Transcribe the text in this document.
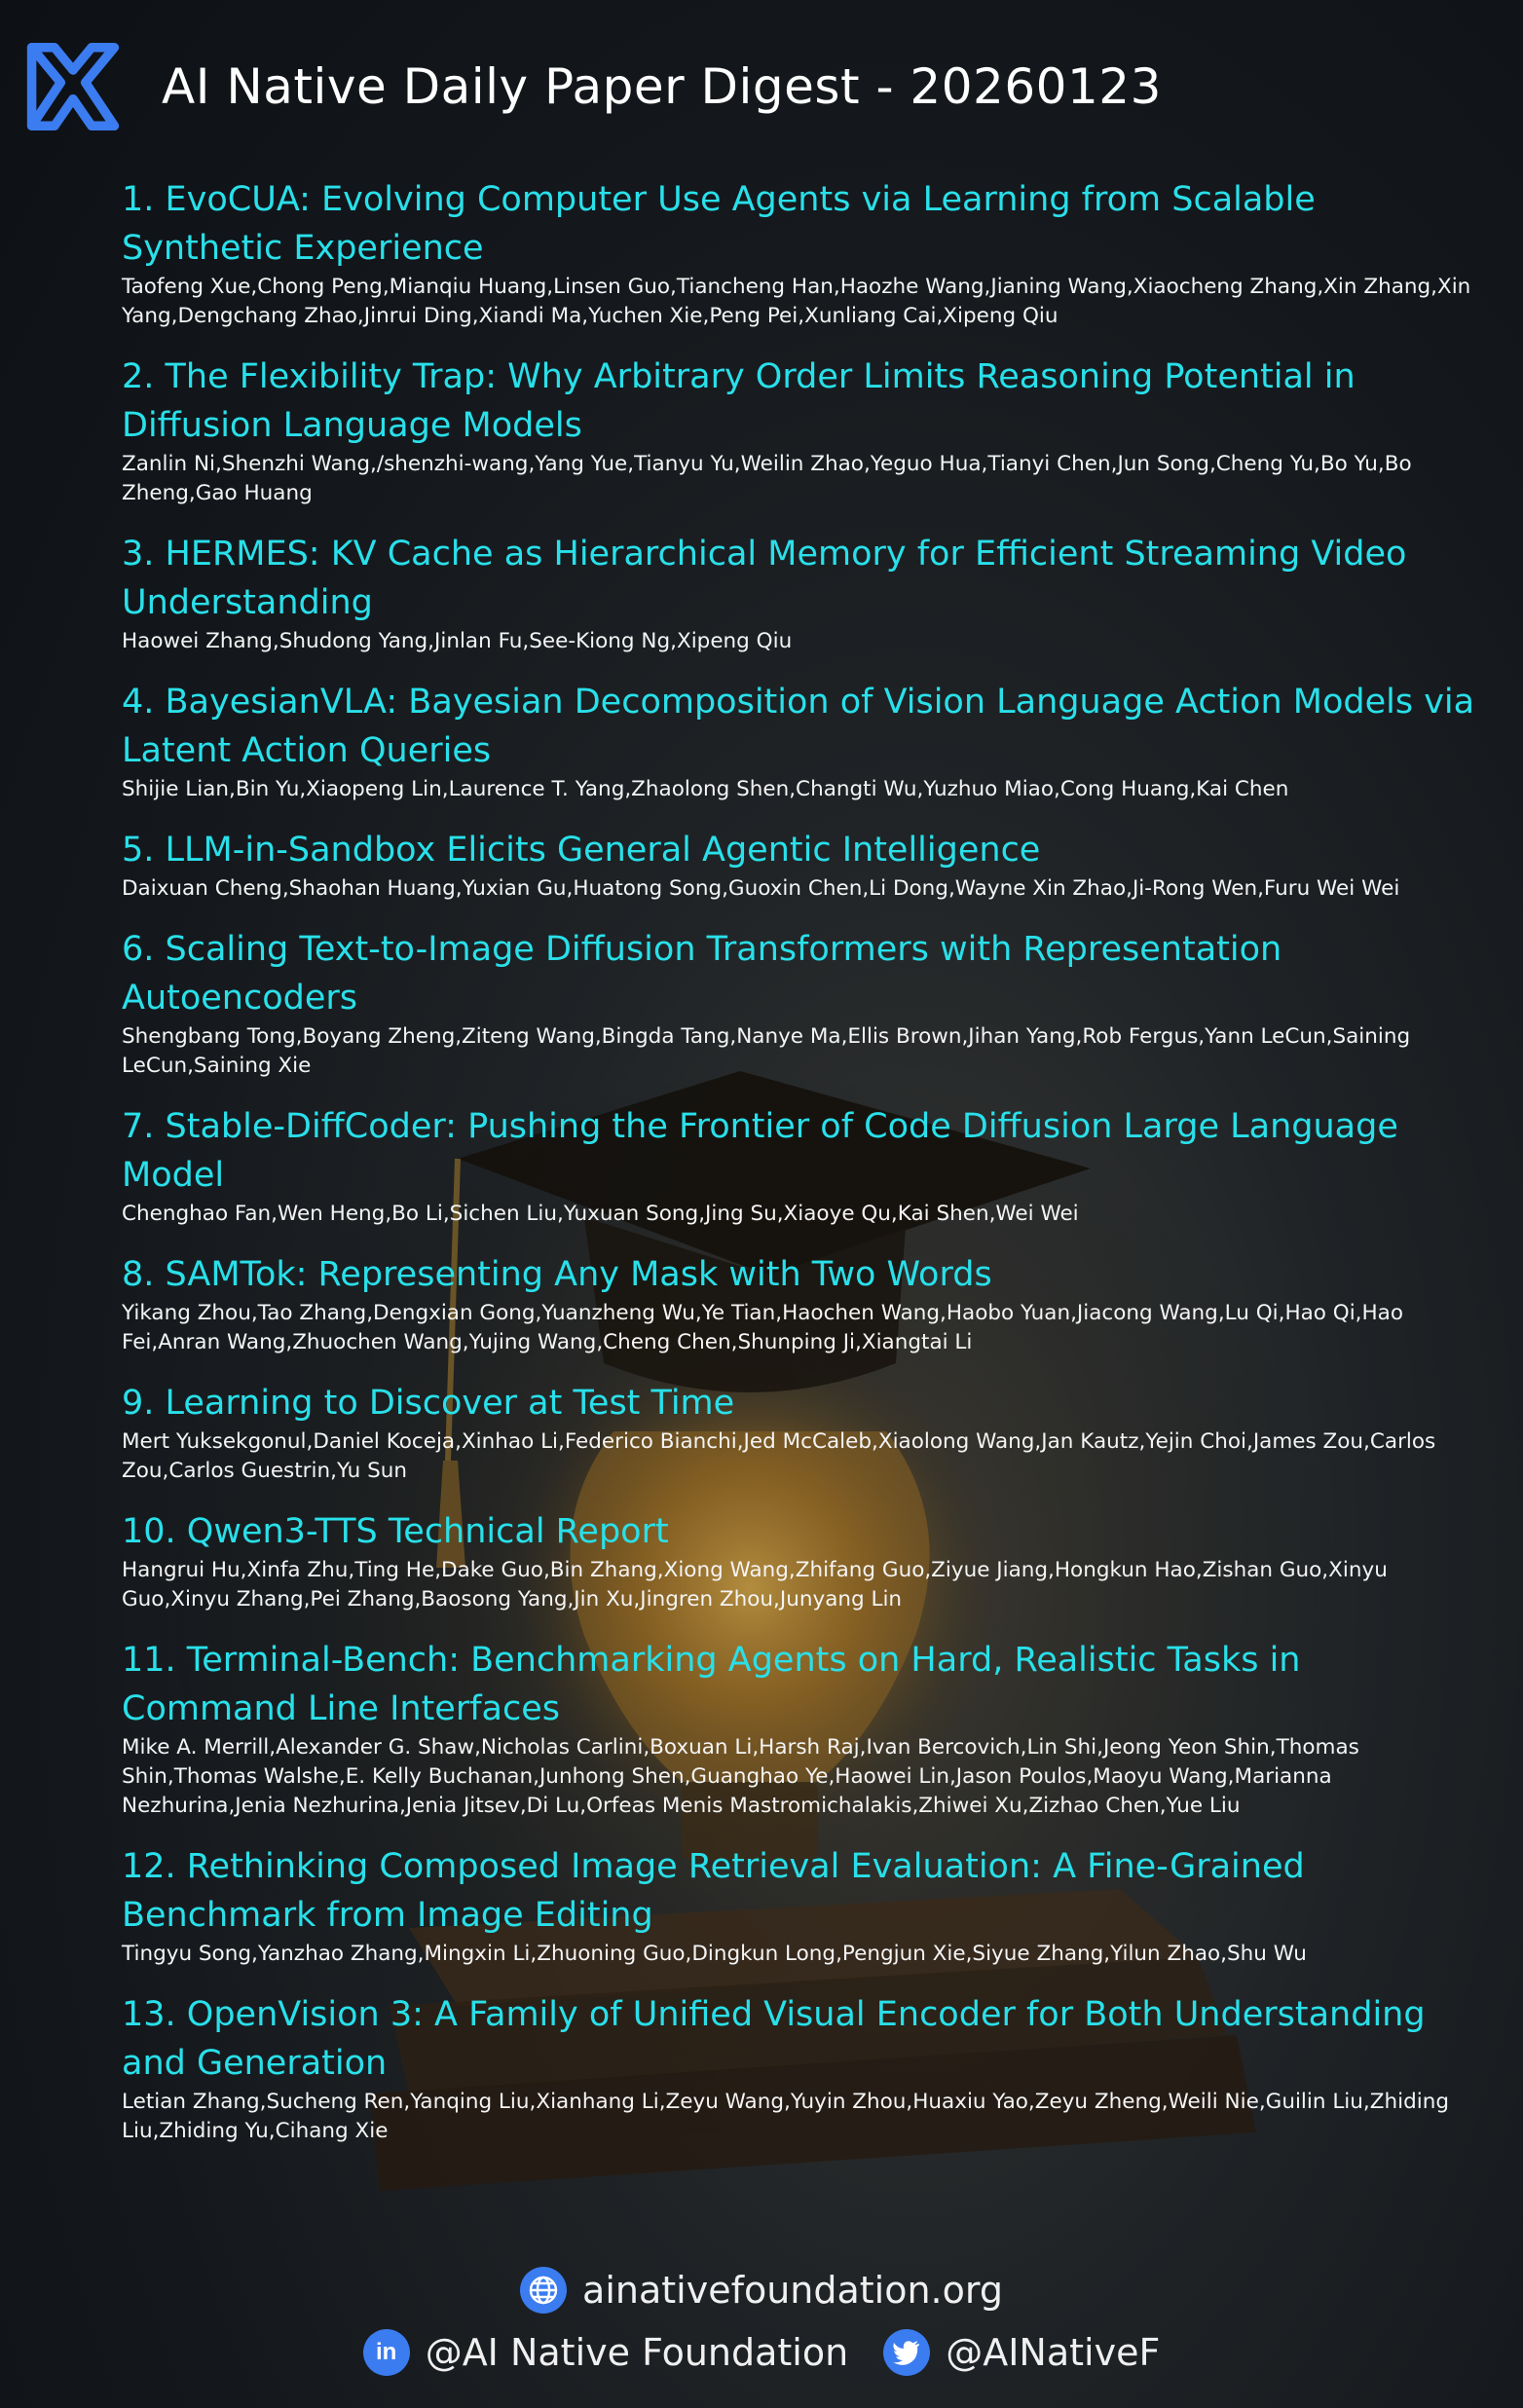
AI Native Daily Paper Digest - 20260123

1. EvoCUA: Evolving Computer Use Agents via Learning from Scalable Synthetic Experience

Taofeng Xue,Chong Peng,Mianqiu Huang,Linsen Guo,Tiancheng Han,Haozhe Wang,Jianing Wang,Xiaocheng Zhang,Xin Zhang,Xin Yang,Dengchang Zhao,Jinrui Ding,Xiandi Ma,Yuchen Xie,Peng Pei,Xunliang Cai,Xipeng Qiu

2. The Flexibility Trap: Why Arbitrary Order Limits Reasoning Potential in Diffusion Language Models

Zanlin Ni,Shenzhi Wang,/shenzhi-wang,Yang Yue,Tianyu Yu,Weilin Zhao,Yeguo Hua,Tianyi Chen,Jun Song,Cheng Yu,Bo Yu,Bo Zheng,Gao Huang

3. HERMES: KV Cache as Hierarchical Memory for Efficient Streaming Video Understanding

Haowei Zhang,Shudong Yang,Jinlan Fu,See-Kiong Ng,Xipeng Qiu

4. BayesianVLA: Bayesian Decomposition of Vision Language Action Models via Latent Action Queries

Shijie Lian,Bin Yu,Xiaopeng Lin,Laurence T. Yang,Zhaolong Shen,Changti Wu,Yuzhuo Miao,Cong Huang,Kai Chen

5. LLM-in-Sandbox Elicits General Agentic Intelligence

Daixuan Cheng,Shaohan Huang,Yuxian Gu,Huatong Song,Guoxin Chen,Li Dong,Wayne Xin Zhao,Ji-Rong Wen,Furu Wei Wei

6. Scaling Text-to-Image Diffusion Transformers with Representation Autoencoders

Shengbang Tong,Boyang Zheng,Ziteng Wang,Bingda Tang,Nanye Ma,Ellis Brown,Jihan Yang,Rob Fergus,Yann LeCun,Saining LeCun,Saining Xie

7. Stable-DiffCoder: Pushing the Frontier of Code Diffusion Large Language Model

Chenghao Fan,Wen Heng,Bo Li,Sichen Liu,Yuxuan Song,Jing Su,Xiaoye Qu,Kai Shen,Wei Wei

8. SAMTok: Representing Any Mask with Two Words

Yikang Zhou,Tao Zhang,Dengxian Gong,Yuanzheng Wu,Ye Tian,Haochen Wang,Haobo Yuan,Jiacong Wang,Lu Qi,Hao Qi,Hao Fei,Anran Wang,Zhuochen Wang,Yujing Wang,Cheng Chen,Shunping Ji,Xiangtai Li

9. Learning to Discover at Test Time

Mert Yuksekgonul,Daniel Koceja,Xinhao Li,Federico Bianchi,Jed McCaleb,Xiaolong Wang,Jan Kautz,Yejin Choi,James Zou,Carlos Zou,Carlos Guestrin,Yu Sun

10. Qwen3-TTS Technical Report

Hangrui Hu,Xinfa Zhu,Ting He,Dake Guo,Bin Zhang,Xiong Wang,Zhifang Guo,Ziyue Jiang,Hongkun Hao,Zishan Guo,Xinyu Guo,Xinyu Zhang,Pei Zhang,Baosong Yang,Jin Xu,Jingren Zhou,Junyang Lin

11. Terminal-Bench: Benchmarking Agents on Hard, Realistic Tasks in Command Line Interfaces

Mike A. Merrill,Alexander G. Shaw,Nicholas Carlini,Boxuan Li,Harsh Raj,Ivan Bercovich,Lin Shi,Jeong Yeon Shin,Thomas Shin,Thomas Walshe,E. Kelly Buchanan,Junhong Shen,Guanghao Ye,Haowei Lin,Jason Poulos,Maoyu Wang,Marianna Nezhurina,Jenia Nezhurina,Jenia Jitsev,Di Lu,Orfeas Menis Mastromichalakis,Zhiwei Xu,Zizhao Chen,Yue Liu

12. Rethinking Composed Image Retrieval Evaluation: A Fine-Grained Benchmark from Image Editing

Tingyu Song,Yanzhao Zhang,Mingxin Li,Zhuoning Guo,Dingkun Long,Pengjun Xie,Siyue Zhang,Yilun Zhao,Shu Wu

13. OpenVision 3: A Family of Unified Visual Encoder for Both Understanding and Generation

Letian Zhang,Sucheng Ren,Yanqing Liu,Xianhang Li,Zeyu Wang,Yuyin Zhou,Huaxiu Yao,Zeyu Zheng,Weili Nie,Guilin Liu,Zhiding Liu,Zhiding Yu,Cihang Xie

ainativefoundation.org
in @AI Native Foundation	@AINativeF
